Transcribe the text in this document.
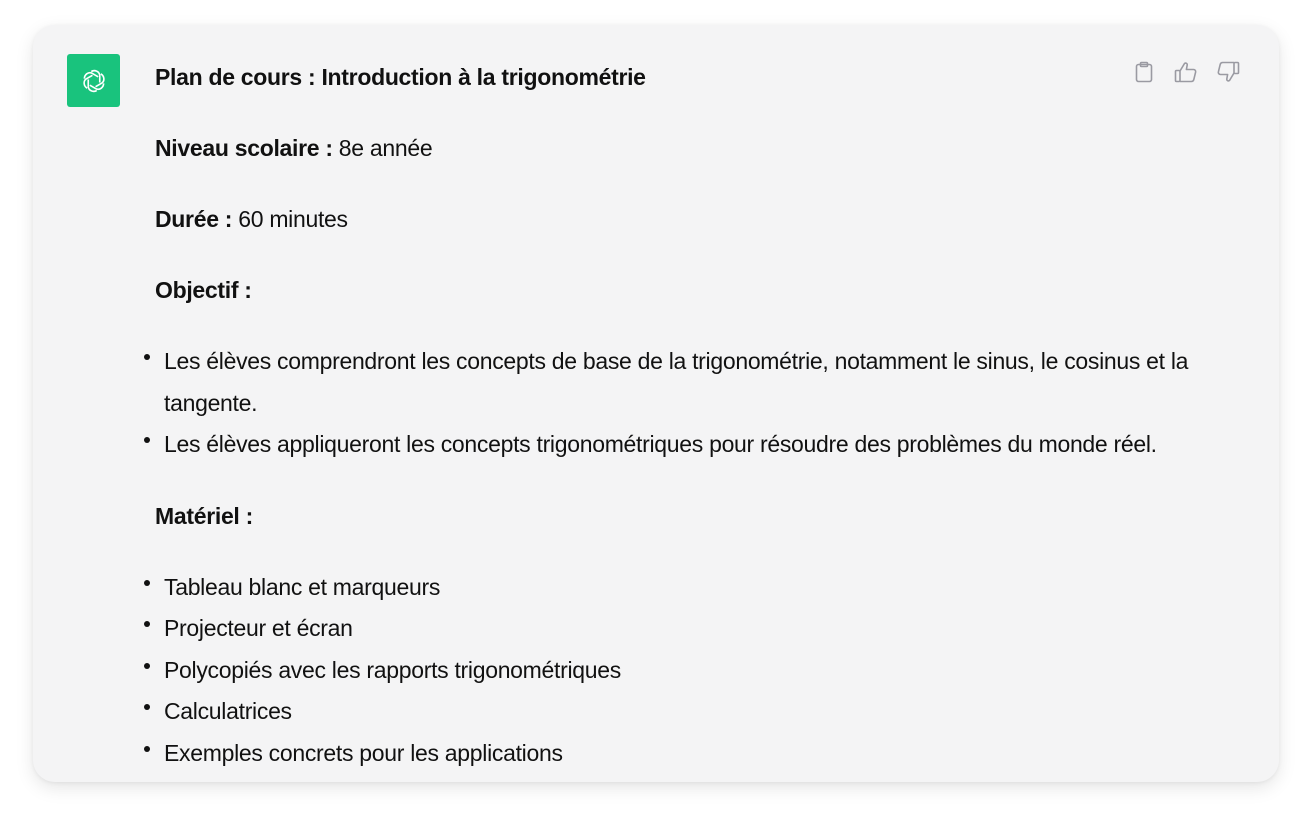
Plan de cours : Introduction à la trigonométrie
Niveau scolaire : 8e année
Durée : 60 minutes
Objectif :
Les élèves comprendront les concepts de base de la trigonométrie, notamment le sinus, le cosinus et la tangente.
Les élèves appliqueront les concepts trigonométriques pour résoudre des problèmes du monde réel.
Matériel :
Tableau blanc et marqueurs
Projecteur et écran
Polycopiés avec les rapports trigonométriques
Calculatrices
Exemples concrets pour les applications
